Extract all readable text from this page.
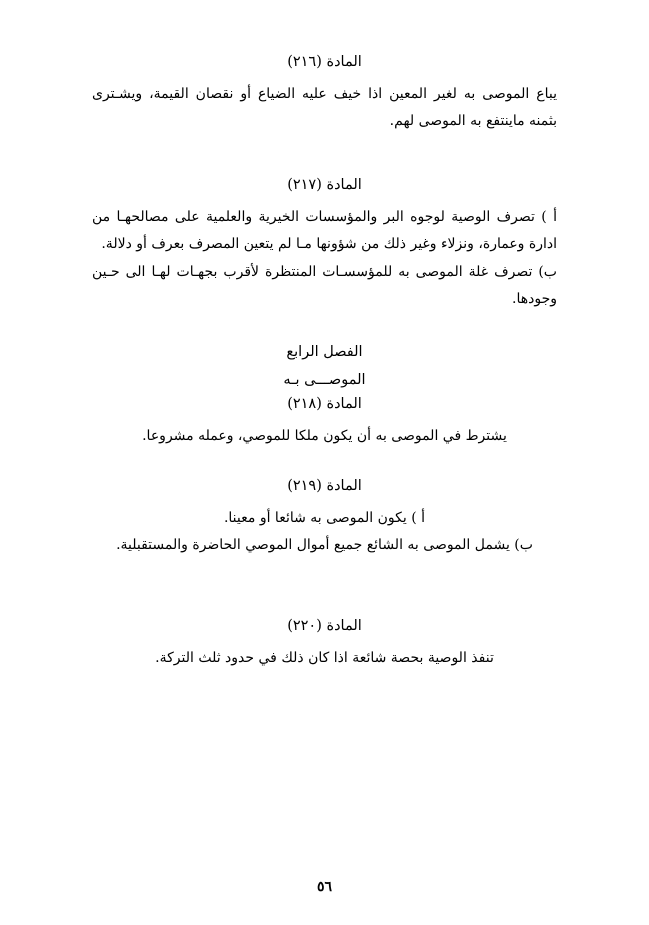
المادة (٢١٦)

يباع الموصى به لغير المعين اذا خيف عليه الضياع أو نقصان القيمة، ويشـترى بثمنه ماينتفع به الموصى لهم.

المادة (٢١٧)

أ ) تصرف الوصية لوجوه البر والمؤسسات الخيرية والعلمية على مصالحهـا من ادارة وعمارة، ونزلاء وغير ذلك من شؤونها مـا لم يتعين المصرف بعرف أو دلالة.

ب) تصرف غلة الموصى به للمؤسسـات المنتظرة لأقرب بجهـات لهـا الى حـين وجودها.

الفصل الرابع
الموصـــى بـه
المادة (٢١٨)

يشترط في الموصى به أن يكون ملكا للموصي، وعمله مشروعا.

المادة (٢١٩)

أ ) يكون الموصى به شائعا أو معينا.

ب) يشمل الموصى به الشائع جميع أموال الموصي الحاضرة والمستقبلية.

المادة (٢٢٠)

تنفذ الوصية بحصة شائعة اذا كان ذلك في حدود ثلث التركة.

٥٦
